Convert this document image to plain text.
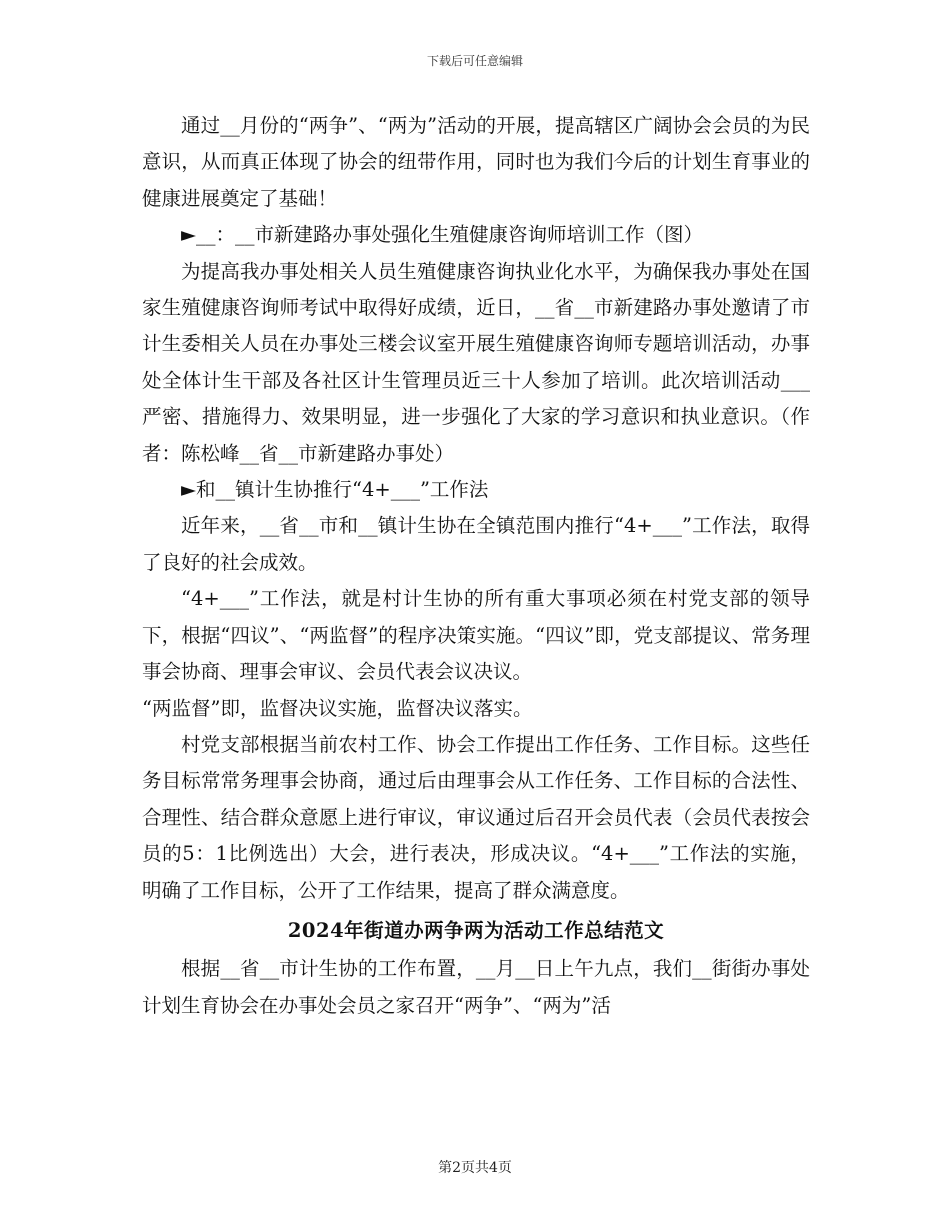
下载后可任意编辑

通过__月份的“两争”、“两为”活动的开展，提高辖区广阔协会会员的为民意识，从而真正体现了协会的纽带作用，同时也为我们今后的计划生育事业的健康进展奠定了基础！

►__：__市新建路办事处强化生殖健康咨询师培训工作（图）

为提高我办事处相关人员生殖健康咨询执业化水平，为确保我办事处在国家生殖健康咨询师考试中取得好成绩，近日，__省__市新建路办事处邀请了市计生委相关人员在办事处三楼会议室开展生殖健康咨询师专题培训活动，办事处全体计生干部及各社区计生管理员近三十人参加了培训。此次培训活动___严密、措施得力、效果明显，进一步强化了大家的学习意识和执业意识。（作者：陈松峰__省__市新建路办事处）

►和__镇计生协推行“4+___”工作法

近年来，__省__市和__镇计生协在全镇范围内推行“4+___”工作法，取得了良好的社会成效。

“4+___”工作法，就是村计生协的所有重大事项必须在村党支部的领导下，根据“四议”、“两监督”的程序决策实施。“四议”即，党支部提议、常务理事会协商、理事会审议、会员代表会议决议。

“两监督”即，监督决议实施，监督决议落实。

村党支部根据当前农村工作、协会工作提出工作任务、工作目标。这些任务目标常常务理事会协商，通过后由理事会从工作任务、工作目标的合法性、合理性、结合群众意愿上进行审议，审议通过后召开会员代表（会员代表按会员的5：1比例选出）大会，进行表决，形成决议。“4+___”工作法的实施，明确了工作目标，公开了工作结果，提高了群众满意度。

2024年街道办两争两为活动工作总结范文

根据__省__市计生协的工作布置，__月__日上午九点，我们__街街办事处计划生育协会在办事处会员之家召开“两争”、“两为”活

第2页共4页
